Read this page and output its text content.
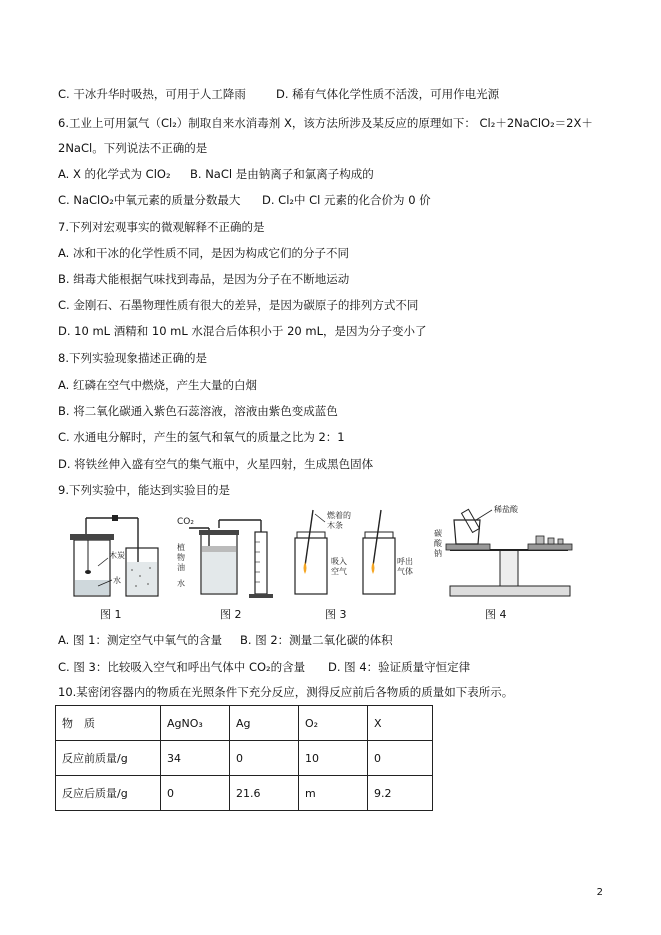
C. 干冰升华时吸热，可用于人工降雨	D. 稀有气体化学性质不活泼，可用作电光源
6.工业上可用氯气（Cl₂）制取自来水消毒剂 X，该方法所涉及某反应的原理如下： Cl₂＋2NaClO₂＝2X＋
2NaCl。下列说法不正确的是
A. X 的化学式为 ClO₂ B. NaCl 是由钠离子和氯离子构成的
C. NaClO₂中氧元素的质量分数最大 D. Cl₂中 Cl 元素的化合价为 0 价
7.下列对宏观事实的微观解释不正确的是
A. 冰和干冰的化学性质不同，是因为构成它们的分子不同
B. 缉毒犬能根据气味找到毒品，是因为分子在不断地运动
C. 金刚石、石墨物理性质有很大的差异，是因为碳原子的排列方式不同
D. 10 mL 酒精和 10 mL 水混合后体积小于 20 mL，是因为分子变小了
8.下列实验现象描述正确的是
A. 红磷在空气中燃烧，产生大量的白烟
B. 将二氧化碳通入紫色石蕊溶液，溶液由紫色变成蓝色
C. 水通电分解时，产生的氢气和氧气的质量之比为 2：1
D. 将铁丝伸入盛有空气的集气瓶中，火星四射，生成黑色固体
9.下列实验中，能达到实验目的是
木炭
水
CO₂
植
物
油
水
燃着的
木条
吸入
空气
呼出
气体
稀盐酸
碳
酸
钠
图 1	图 2	图 3	图 4
A. 图 1：测定空气中氧气的含量 B. 图 2：测量二氧化碳的体积
C. 图 3：比较吸入空气和呼出气体中 CO₂的含量 D. 图 4：验证质量守恒定律
10.某密闭容器内的物质在光照条件下充分反应，测得反应前后各物质的质量如下表所示。
物　质	AgNO₃	Ag	O₂	X
反应前质量/g	34	0	10	0
反应后质量/g	0	21.6	m	9.2
2
